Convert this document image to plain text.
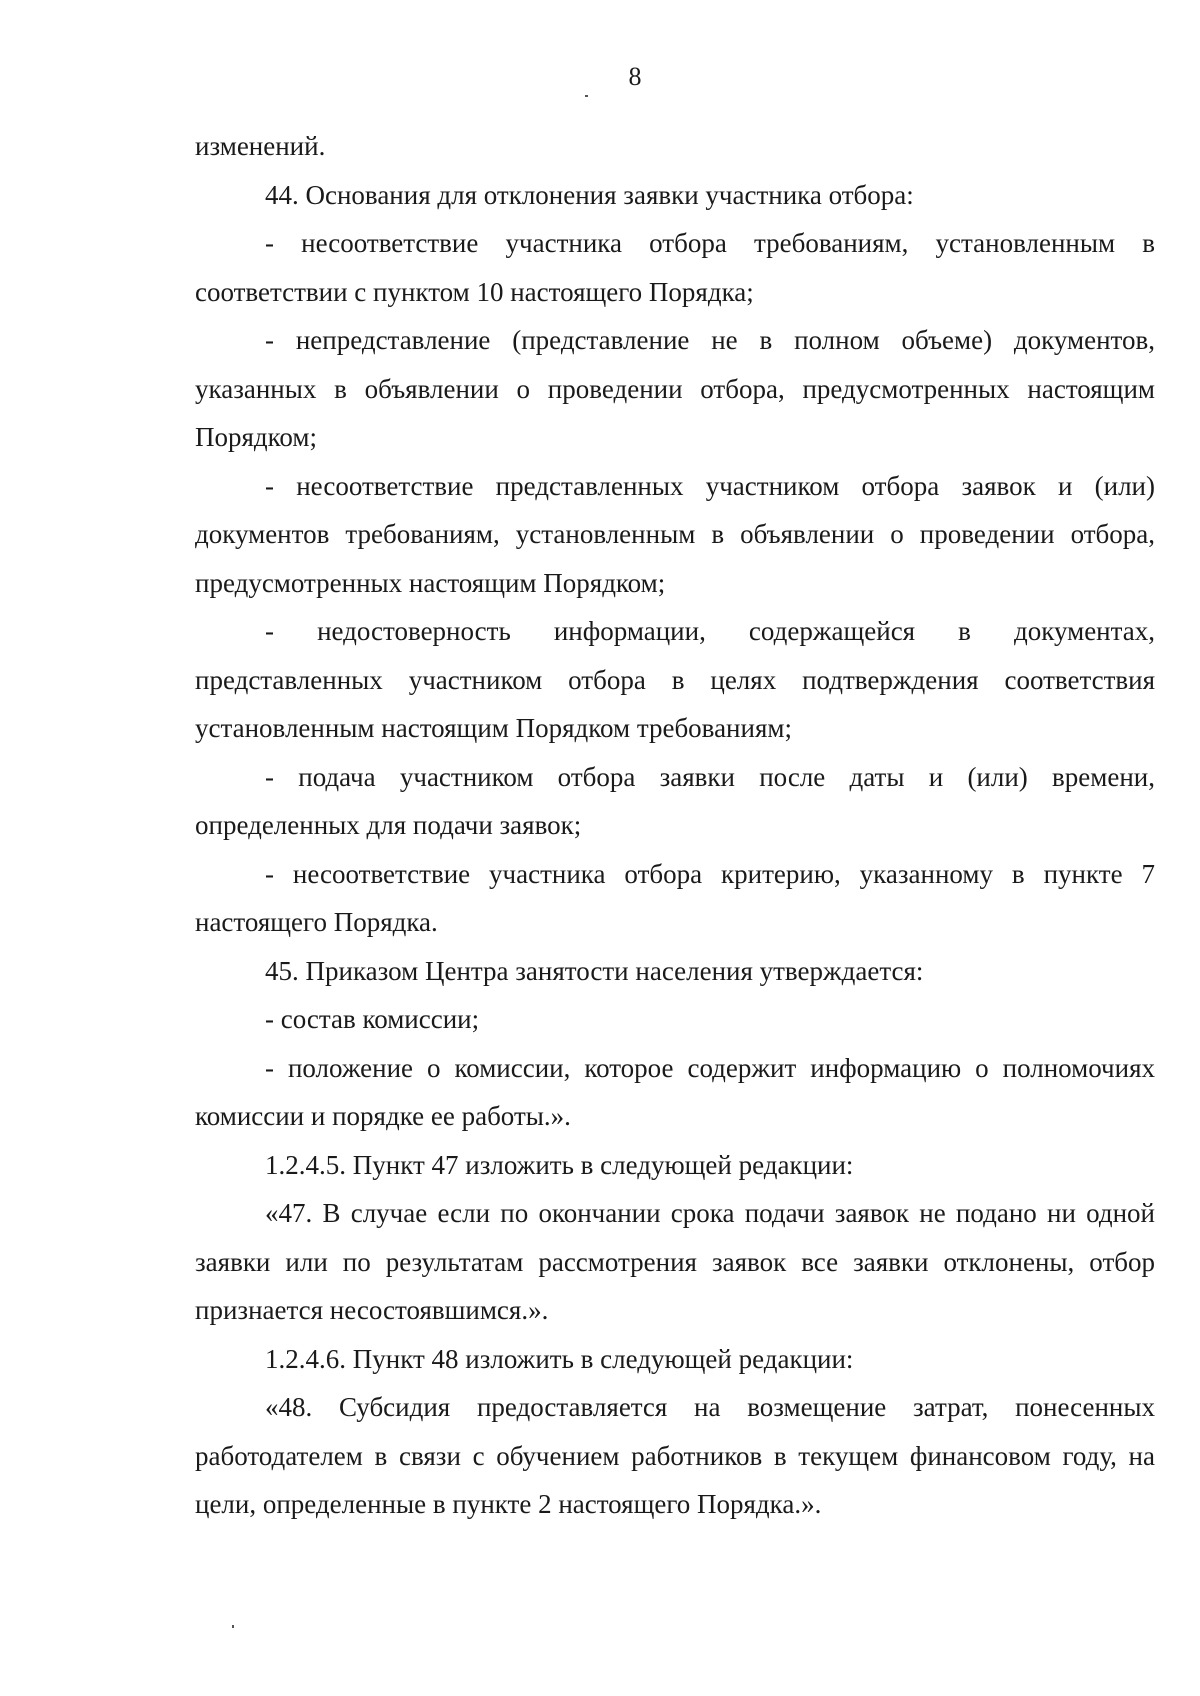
8

изменений.

44. Основания для отклонения заявки участника отбора:

- несоответствие участника отбора требованиям, установленным в соответствии с пунктом 10 настоящего Порядка;

- непредставление (представление не в полном объеме) документов, указанных в объявлении о проведении отбора, предусмотренных настоящим Порядком;

- несоответствие представленных участником отбора заявок и (или) документов требованиям, установленным в объявлении о проведении отбора, предусмотренных настоящим Порядком;

- недостоверность информации, содержащейся в документах, представленных участником отбора в целях подтверждения соответствия установленным настоящим Порядком требованиям;

- подача участником отбора заявки после даты и (или) времени, определенных для подачи заявок;

- несоответствие участника отбора критерию, указанному в пункте 7 настоящего Порядка.

45. Приказом Центра занятости населения утверждается:

- состав комиссии;

- положение о комиссии, которое содержит информацию о полномочиях комиссии и порядке ее работы.».

1.2.4.5. Пункт 47 изложить в следующей редакции:

«47. В случае если по окончании срока подачи заявок не подано ни одной заявки или по результатам рассмотрения заявок все заявки отклонены, отбор признается несостоявшимся.».

1.2.4.6. Пункт 48 изложить в следующей редакции:

«48. Субсидия предоставляется на возмещение затрат, понесенных работодателем в связи с обучением работников в текущем финансовом году, на цели, определенные в пункте 2 настоящего Порядка.».
